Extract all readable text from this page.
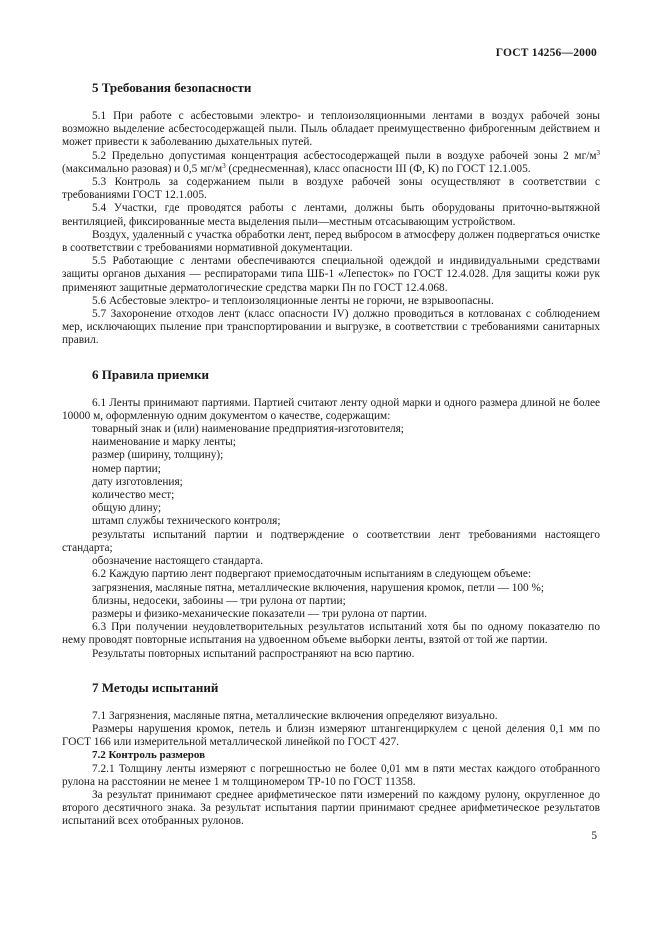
ГОСТ 14256—2000
5 Требования безопасности

5.1 При работе с асбестовыми электро- и теплоизоляционными лентами в воздух рабочей зоны возможно выделение асбестосодержащей пыли. Пыль обладает преимущественно фиброгенным действием и может привести к заболеванию дыхательных путей.

5.2 Предельно допустимая концентрация асбестосодержащей пыли в воздухе рабочей зоны 2 $мг/м^3$ (максимально разовая) и 0,5 $мг/м^3$ (среднесменная), класс опасности III (Ф, К) по ГОСТ 12.1.005.

5.3 Контроль за содержанием пыли в воздухе рабочей зоны осуществляют в соответствии с требованиями ГОСТ 12.1.005.

5.4 Участки, где проводятся работы с лентами, должны быть оборудованы приточно-вытяжной вентиляцией, фиксированные места выделения пыли—местным отсасывающим устройством.

Воздух, удаленный с участка обработки лент, перед выбросом в атмосферу должен подвергаться очистке в соответствии с требованиями нормативной документации.

5.5 Работающие с лентами обеспечиваются специальной одеждой и индивидуальными средствами защиты органов дыхания — респираторами типа ШБ-1 «Лепесток» по ГОСТ 12.4.028. Для защиты кожи рук применяют защитные дерматологические средства марки Пн по ГОСТ 12.4.068.

5.6 Асбестовые электро- и теплоизоляционные ленты не горючи, не взрывоопасны.

5.7 Захоронение отходов лент (класс опасности IV) должно проводиться в котлованах с соблюдением мер, исключающих пыление при транспортировании и выгрузке, в соответствии с требованиями санитарных правил.

6 Правила приемки

6.1 Ленты принимают партиями. Партией считают ленту одной марки и одного размера длиной не более 10000 м, оформленную одним документом о качестве, содержащим:

товарный знак и (или) наименование предприятия-изготовителя;
наименование и марку ленты;
размер (ширину, толщину);
номер партии;
дату изготовления;
количество мест;
общую длину;
штамп службы технического контроля;

результаты испытаний партии и подтверждение о соответствии лент требованиями настоящего стандарта;

обозначение настоящего стандарта.

6.2 Каждую партию лент подвергают приемосдаточным испытаниям в следующем объеме:

загрязнения, масляные пятна, металлические включения, нарушения кромок, петли — 100 %;
близны, недосеки, забоины — три рулона от партии;
размеры и физико-механические показатели — три рулона от партии.

6.3 При получении неудовлетворительных результатов испытаний хотя бы по одному показателю по нему проводят повторные испытания на удвоенном объеме выборки ленты, взятой от той же партии.

Результаты повторных испытаний распространяют на всю партию.

7 Методы испытаний

7.1 Загрязнения, масляные пятна, металлические включения определяют визуально.

Размеры нарушения кромок, петель и близн измеряют штангенциркулем с ценой деления 0,1 мм по ГОСТ 166 или измерительной металлической линейкой по ГОСТ 427.

7.2 Контроль размеров

7.2.1 Толщину ленты измеряют с погрешностью не более 0,01 мм в пяти местах каждого отобранного рулона на расстоянии не менее 1 м толщиномером ТР-10 по ГОСТ 11358.

За результат принимают среднее арифметическое пяти измерений по каждому рулону, округленное до второго десятичного знака. За результат испытания партии принимают среднее арифметическое результатов испытаний всех отобранных рулонов.

5
